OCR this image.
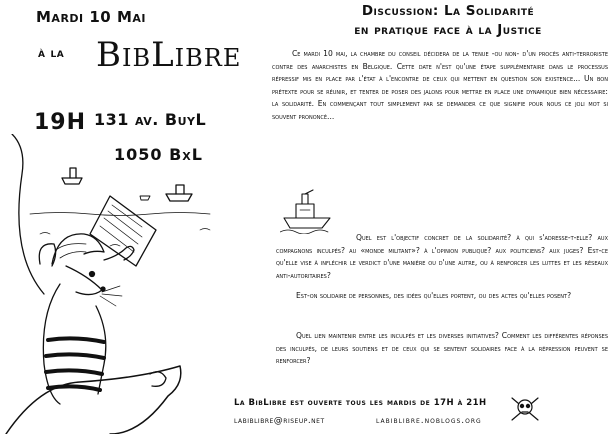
Mardi 10 Mai
à la BibLibre
19H 131 av. BuyL
1050 BxL
Discussion: La Solidarité
en pratique face à la Justice

Ce mardi 10 mai, la chambre du conseil décidera de la tenue -ou non- d'un procès anti-terroriste contre des anarchistes en Belgique. Cette date n'est qu'une étape supplémentaire dans le processus répressif mis en place par l'état à l'encontre de ceux qui mettent en question son existence... Un bon prétexte pour se réunir, et tenter de poser des jalons pour mettre en place une dynamique bien nécessaire: la solidarité. En commençant tout simplement par se demander ce que signifie pour nous ce joli mot si souvent prononcé...

Quel est l'objectif concret de la solidarité? à qui s'adresse-t-elle? aux compagnons inculpés? au «monde militant»? à l'opinion publique? aux politiciens? aux juges? Est-ce qu'elle vise à infléchir le verdict d'une manière ou d'une autre, ou à renforcer les luttes et les réseaux anti-autoritaires?

Est-on solidaire de personnes, des idées qu'elles portent, ou des actes qu'elles posent?

Quel lien maintenir entre les inculpés et les diverses initiatives? Comment les différentes réponses des inculpés, de leurs soutiens et de ceux qui se sentent solidaires face à la répression peuvent se renforcer?

La BibLibre est ouverte tous les mardis de 17H à 21H
labiblibre@riseup.net	labiblibre.noblogs.org
